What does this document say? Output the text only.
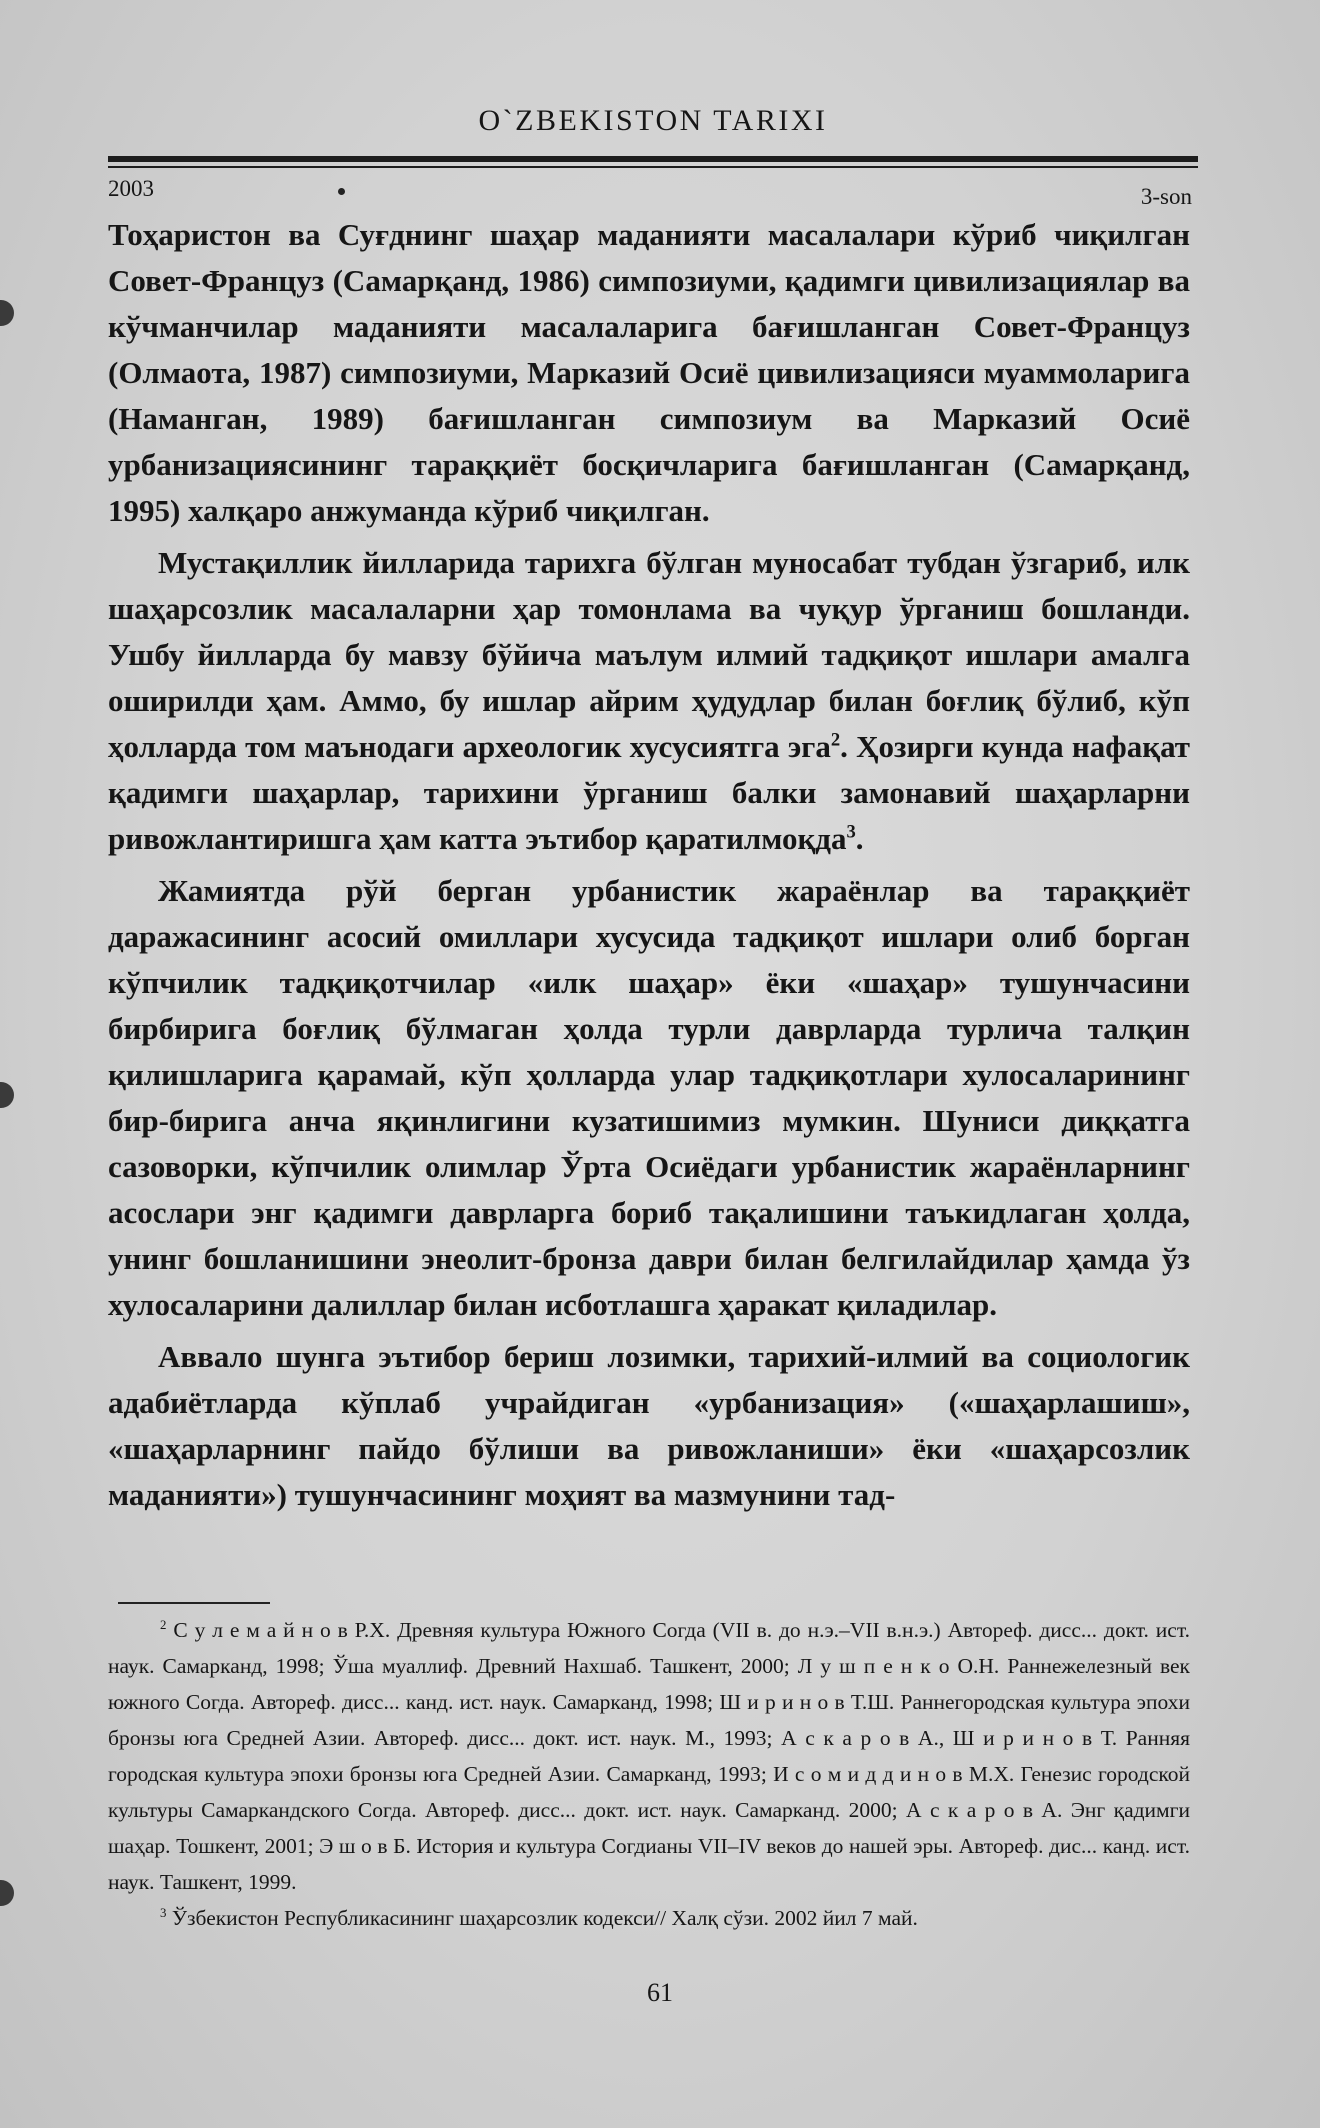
O`ZBEKISTON TARIXI
2003	3-son

Тоҳаристон ва Суғднинг шаҳар маданияти масалалари кўриб чиқилган Совет-Француз (Самарқанд, 1986) симпозиуми, қадимги цивилизациялар ва кўчманчилар маданияти масалаларига бағишланган Совет-Француз (Олмаота, 1987) симпозиуми, Марказий Осиё цивилизацияси муаммоларига (Наманган, 1989) бағишланган симпозиум ва Марказий Осиё урбанизациясининг тараққиёт босқичларига бағишланган (Самарқанд, 1995) халқаро анжуманда кўриб чиқилган.

Мустақиллик йилларида тарихга бўлган муносабат тубдан ўзгариб, илк шаҳарсозлик масалаларни ҳар томонлама ва чуқур ўрганиш бошланди. Ушбу йилларда бу мавзу бўйича маълум илмий тадқиқот ишлари амалга оширилди ҳам. Аммо, бу ишлар айрим ҳудудлар билан боғлиқ бўлиб, кўп ҳолларда том маънодаги археологик хусусиятга эга$^2$. Ҳозирги кунда нафақат қадимги шаҳарлар, тарихини ўрганиш балки замонавий шаҳарларни ривожлантиришга ҳам катта эътибор қаратилмоқда$^3$.

Жамиятда рўй берган урбанистик жараёнлар ва тараққиёт даражасининг асосий омиллари хусусида тадқиқот ишлари олиб борган кўпчилик тадқиқотчилар «илк шаҳар» ёки «шаҳар» тушунчасини бирбирига боғлиқ бўлмаган ҳолда турли даврларда турлича талқин қилишларига қарамай, кўп ҳолларда улар тадқиқотлари хулосаларининг бир-бирига анча яқинлигини кузатишимиз мумкин. Шуниси диққатга сазоворки, кўпчилик олимлар Ўрта Осиёдаги урбанистик жараёнларнинг асослари энг қадимги даврларга бориб тақалишини таъкидлаган ҳолда, унинг бошланишини энеолит-бронза даври билан белгилайдилар ҳамда ўз хулосаларини далиллар билан исботлашга ҳаракат қиладилар.

Аввало шунга эътибор бериш лозимки, тарихий-илмий ва социологик адабиётларда кўплаб учрайдиган «урбанизация» («шаҳарлашиш», «шаҳарларнинг пайдо бўлиши ва ривожланиши» ёки «шаҳарсозлик маданияти») тушунчасининг моҳият ва мазмунини тад-

$^2$ С у л е м а й н о в Р.Х. Древняя культура Южного Согда (VII в. до н.э.–VII в.н.э.) Автореф. дисс... докт. ист. наук. Самарканд, 1998; Ўша муаллиф. Древний Нахшаб. Ташкент, 2000; Л у ш п е н к о О.Н. Раннежелезный век южного Согда. Автореф. дисс... канд. ист. наук. Самарканд, 1998; Ш и р и н о в Т.Ш. Раннегородская культура эпохи бронзы юга Средней Азии. Автореф. дисс... докт. ист. наук. М., 1993; А с к а р о в А., Ш и р и н о в Т. Ранняя городская культура эпохи бронзы юга Средней Азии. Самарканд, 1993; И с о м и д д и н о в М.Х. Генезис городской культуры Самаркандского Согда. Автореф. дисс... докт. ист. наук. Самарканд. 2000; А с к а р о в А. Энг қадимги шаҳар. Тошкент, 2001; Э ш о в Б. История и культура Согдианы VII–IV веков до нашей эры. Автореф. дис... канд. ист. наук. Ташкент, 1999.

$^3$ Ўзбекистон Республикасининг шаҳарсозлик кодекси// Халқ сўзи. 2002 йил 7 май.

61
